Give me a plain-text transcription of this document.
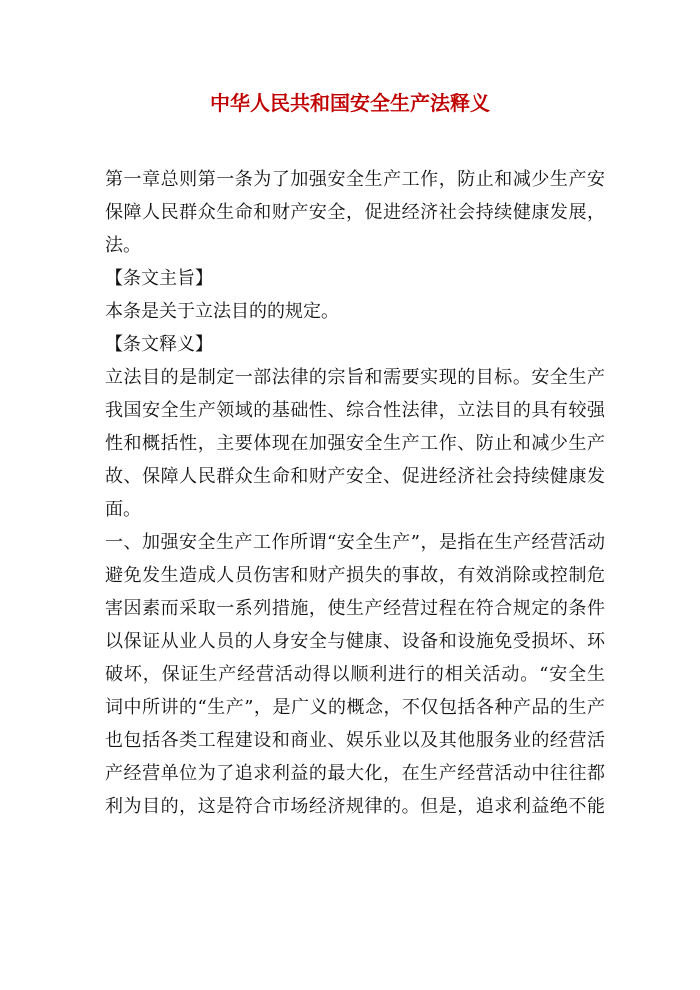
中华人民共和国安全生产法释义

第一章总则第一条为了加强安全生产工作，防止和减少生产安

保障人民群众生命和财产安全，促进经济社会持续健康发展，

法。

【条文主旨】

本条是关于立法目的的规定。

【条文释义】

立法目的是制定一部法律的宗旨和需要实现的目标。安全生产

我国安全生产领域的基础性、综合性法律，立法目的具有较强

性和概括性，主要体现在加强安全生产工作、防止和减少生产

故、保障人民群众生命和财产安全、促进经济社会持续健康发

面。

一、加强安全生产工作所谓“安全生产”，是指在生产经营活动

避免发生造成人员伤害和财产损失的事故，有效消除或控制危

害因素而采取一系列措施，使生产经营过程在符合规定的条件

以保证从业人员的人身安全与健康、设备和设施免受损坏、环

破坏，保证生产经营活动得以顺利进行的相关活动。“安全生

词中所讲的“生产”，是广义的概念，不仅包括各种产品的生产

也包括各类工程建设和商业、娱乐业以及其他服务业的经营活

产经营单位为了追求利益的最大化，在生产经营活动中往往都

利为目的，这是符合市场经济规律的。但是，追求利益绝不能
